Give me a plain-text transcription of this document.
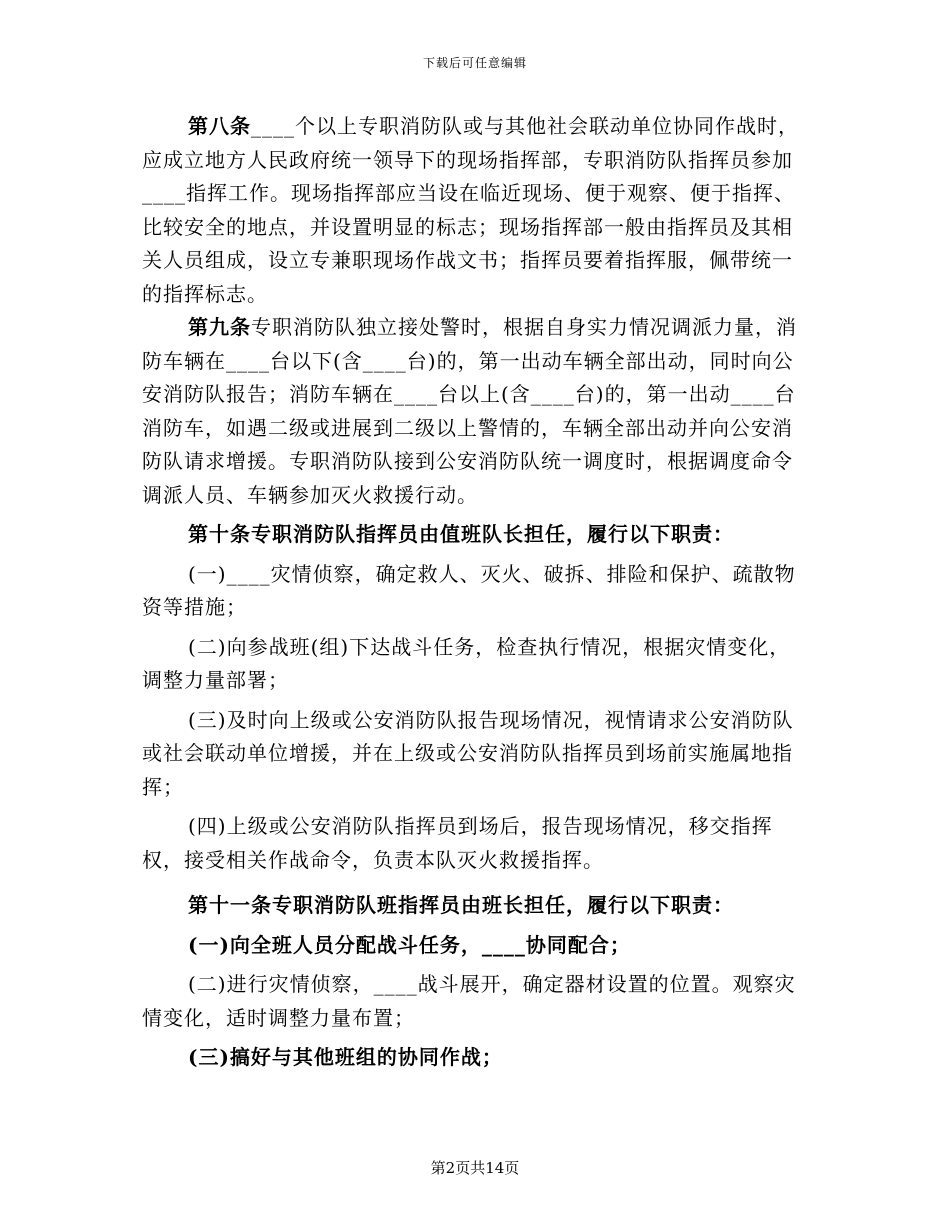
下载后可任意编辑

第八条____个以上专职消防队或与其他社会联动单位协同作战时，应成立地方人民政府统一领导下的现场指挥部，专职消防队指挥员参加____指挥工作。现场指挥部应当设在临近现场、便于观察、便于指挥、比较安全的地点，并设置明显的标志；现场指挥部一般由指挥员及其相关人员组成，设立专兼职现场作战文书；指挥员要着指挥服，佩带统一的指挥标志。

第九条专职消防队独立接处警时，根据自身实力情况调派力量，消防车辆在____台以下(含____台)的，第一出动车辆全部出动，同时向公安消防队报告；消防车辆在____台以上(含____台)的，第一出动____台消防车，如遇二级或进展到二级以上警情的，车辆全部出动并向公安消防队请求增援。专职消防队接到公安消防队统一调度时，根据调度命令调派人员、车辆参加灭火救援行动。

第十条专职消防队指挥员由值班队长担任，履行以下职责：

(一)____灾情侦察，确定救人、灭火、破拆、排险和保护、疏散物资等措施；

(二)向参战班(组)下达战斗任务，检查执行情况，根据灾情变化，调整力量部署；

(三)及时向上级或公安消防队报告现场情况，视情请求公安消防队或社会联动单位增援，并在上级或公安消防队指挥员到场前实施属地指挥；

(四)上级或公安消防队指挥员到场后，报告现场情况，移交指挥权，接受相关作战命令，负责本队灭火救援指挥。

第十一条专职消防队班指挥员由班长担任，履行以下职责：

(一)向全班人员分配战斗任务，____协同配合；

(二)进行灾情侦察，____战斗展开，确定器材设置的位置。观察灾情变化，适时调整力量布置；

(三)搞好与其他班组的协同作战；

第2页共14页
